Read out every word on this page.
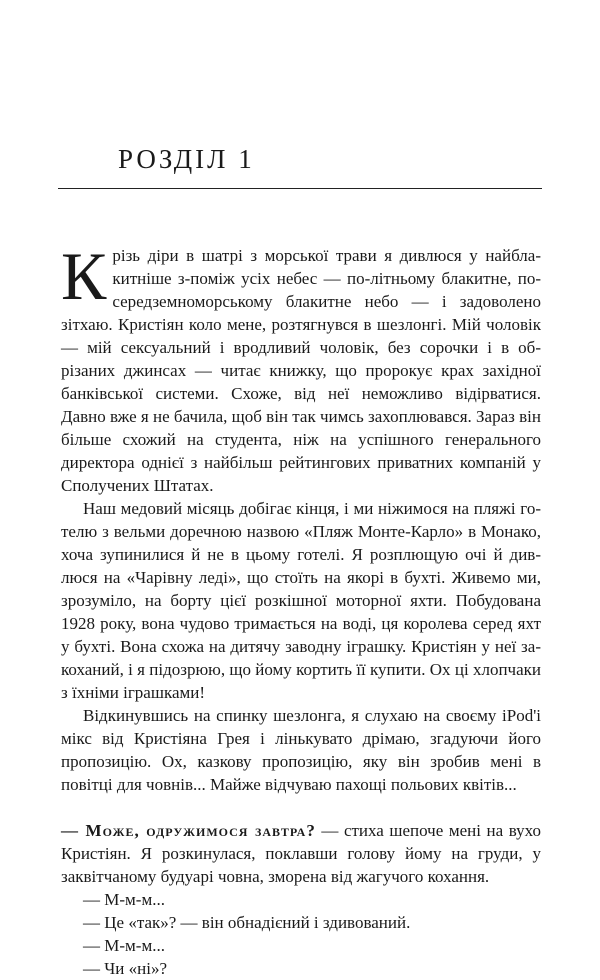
РОЗДІЛ 1

Крізь діри в шатрі з морської трави я дивлюся у найблакитніше з-поміж усіх небес — по-літньому блакитне, по-середземноморському блакитне небо — і задоволено зітхаю. Кристіян коло мене, розтягнувся в шезлонгі. Мій чоловік — мій сексуальний і вродливий чоловік, без сорочки і в обрізаних джинсах — читає книжку, що пророкує крах західної банківської системи. Схоже, від неї неможливо відірватися. Давно вже я не бачила, щоб він так чимсь захоплювався. Зараз він більше схожий на студента, ніж на успішного генерального директора однієї з найбільш рейтингових приватних компаній у Сполучених Штатах.

Наш медовий місяць добігає кінця, і ми ніжимося на пляжі готелю з вельми доречною назвою «Пляж Монте-Карло» в Монако, хоча зупинилися й не в цьому готелі. Я розплющую очі й дивлюся на «Чарівну леді», що стоїть на якорі в бухті. Живемо ми, зрозуміло, на борту цієї розкішної моторної яхти. Побудована 1928 року, вона чудово тримається на воді, ця королева серед яхт у бухті. Вона схожа на дитячу заводну іграшку. Кристіян у неї закоханий, і я підозрюю, що йому кортить її купити. Ох ці хлопчаки з їхніми іграшками!

Відкинувшись на спинку шезлонга, я слухаю на своєму iPod'і мікс від Кристіяна Грея і лінькувато дрімаю, згадуючи його пропозицію. Ох, казкову пропозицію, яку він зробив мені в повітці для човнів... Майже відчуваю пахощі польових квітів...

— Може, одружимося завтра? — стиха шепоче мені на вухо Кристіян. Я розкинулася, поклавши голову йому на груди, у заквітчаному будуарі човна, зморена від жагучого кохання.

— М-м-м...

— Це «так»? — він обнадієний і здивований.

— М-м-м...

— Чи «ні»?
